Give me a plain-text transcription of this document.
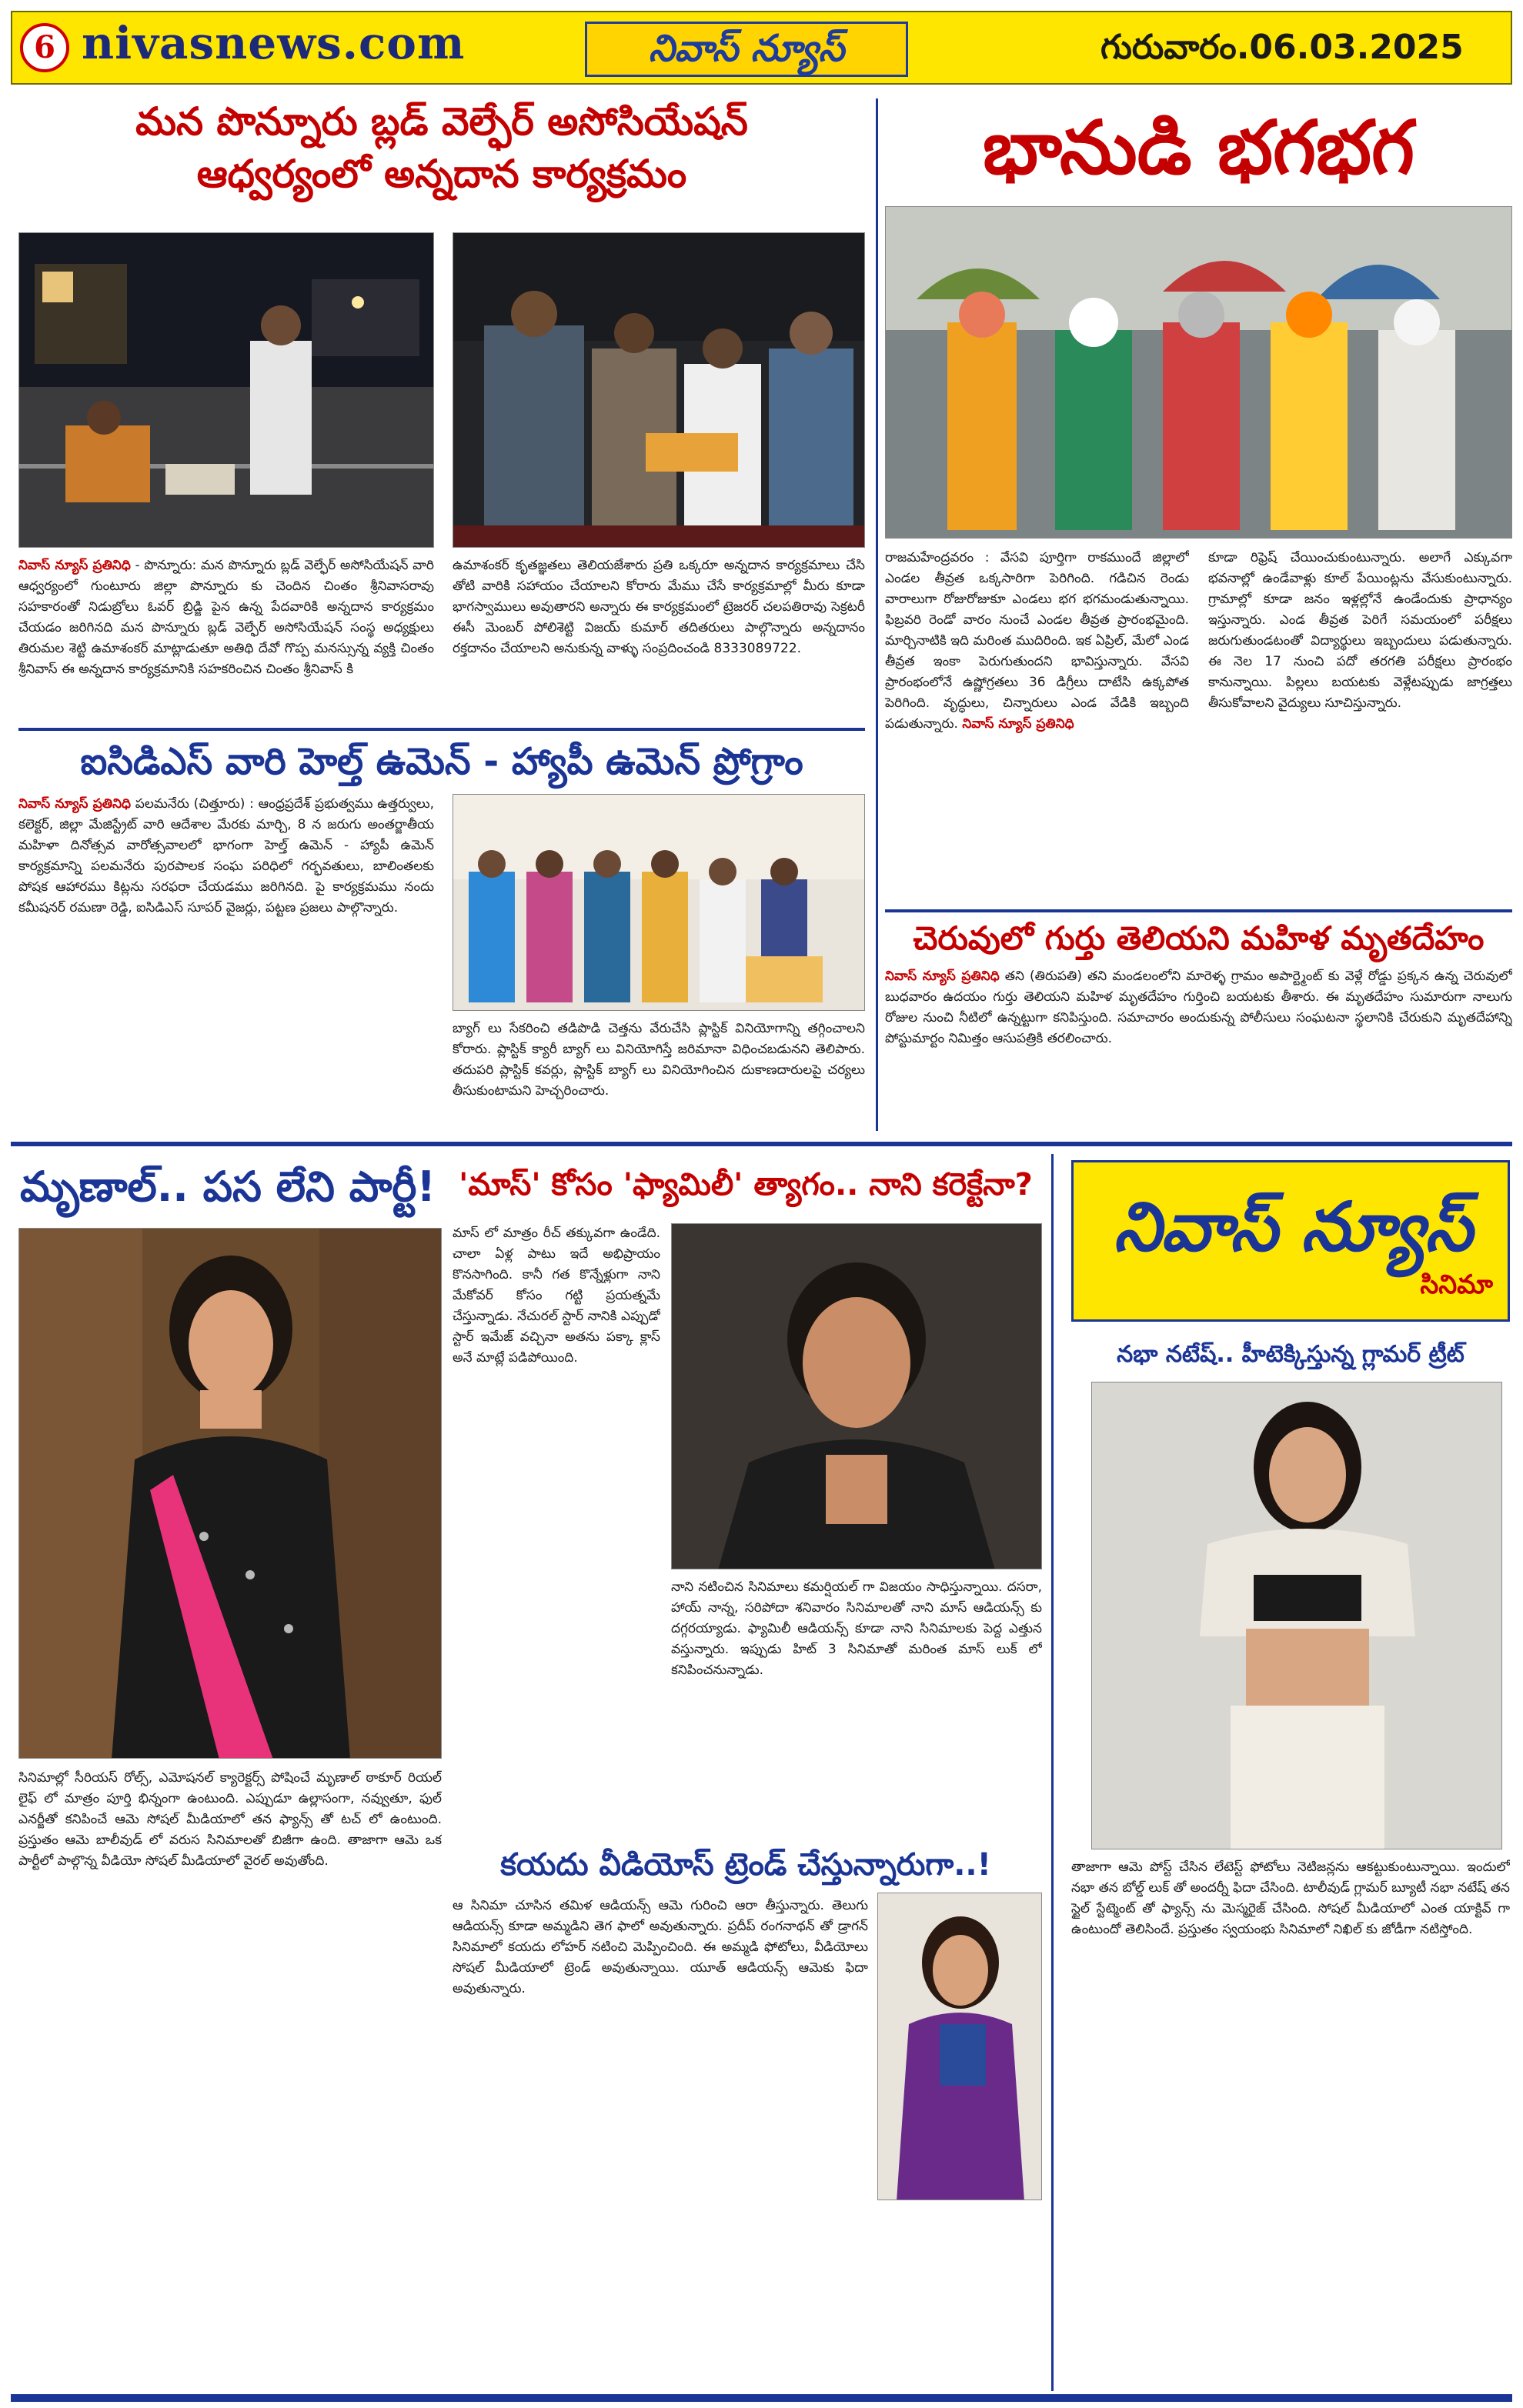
6 nivasnews.com	నివాస్ న్యూస్	గురువారం.06.03.2025
మన పొన్నూరు బ్లడ్ వెల్ఫేర్ అసోసియేషన్
ఆధ్వర్యంలో అన్నదాన కార్యక్రమం
నివాస్ న్యూస్ ప్రతినిధి - పొన్నూరు: మన పొన్నూరు బ్లడ్ వెల్ఫేర్ అసోసియేషన్ వారి ఆధ్వర్యంలో గుంటూరు జిల్లా పొన్నూరు కు చెందిన చింతం శ్రీనివాసరావు సహకారంతో నిడుబ్రోలు ఓవర్ బ్రిడ్జి పైన ఉన్న పేదవారికి అన్నదాన కార్యక్రమం చేయడం జరిగినది మన పొన్నూరు బ్లడ్ వెల్ఫేర్ అసోసియేషన్ సంస్థ అధ్యక్షులు తిరుమల శెట్టి ఉమాశంకర్ మాట్లాడుతూ అతిథి దేవో గొప్ప మనస్సున్న వ్యక్తి చింతం శ్రీనివాస్ ఈ అన్నదాన కార్యక్రమానికి సహకరించిన చింతం శ్రీనివాస్ కి
ఉమాశంకర్ కృతజ్ఞతలు తెలియజేశారు ప్రతి ఒక్కరూ అన్నదాన కార్యక్రమాలు చేసి తోటి వారికి సహాయం చేయాలని కోరారు మేము చేసే కార్యక్రమాల్లో మీరు కూడా భాగస్వాములు అవుతారని అన్నారు ఈ కార్యక్రమంలో ట్రెజరర్ చలపతిరావు సెక్రటరీ ఈసీ మెంబర్ పోలిశెట్టి విజయ్ కుమార్ తదితరులు పాల్గొన్నారు అన్నదానం రక్తదానం చేయాలని అనుకున్న వాళ్ళు సంప్రదించండి 8333089722.
భానుడి భగభగ
రాజమహేంద్రవరం : వేసవి పూర్తిగా రాకముందే జిల్లాలో ఎండల తీవ్రత ఒక్కసారిగా పెరిగింది. గడిచిన రెండు వారాలుగా రోజురోజుకూ ఎండలు భగ భగమండుతున్నాయి. ఫిబ్రవరి రెండో వారం నుంచే ఎండల తీవ్రత ప్రారంభమైంది. మార్చినాటికి ఇది మరింత ముదిరింది. ఇక ఏప్రిల్, మేలో ఎండ తీవ్రత ఇంకా పెరుగుతుందని భావిస్తున్నారు. వేసవి ప్రారంభంలోనే ఉష్ణోగ్రతలు 36 డిగ్రీలు దాటేసి ఉక్కపోత పెరిగింది. వృద్ధులు, చిన్నారులు ఎండ వేడికి ఇబ్బంది పడుతున్నారు. నివాస్ న్యూస్ ప్రతినిధి
కూడా రిఫ్రెష్ చేయించుకుంటున్నారు. అలాగే ఎక్కువగా భవనాల్లో ఉండేవాళ్లు కూల్ పేయింట్లను వేసుకుంటున్నారు. గ్రామాల్లో కూడా జనం ఇళ్లల్లోనే ఉండేందుకు ప్రాధాన్యం ఇస్తున్నారు. ఎండ తీవ్రత పెరిగే సమయంలో పరీక్షలు జరుగుతుండటంతో విద్యార్థులు ఇబ్బందులు పడుతున్నారు. ఈ నెల 17 నుంచి పదో తరగతి పరీక్షలు ప్రారంభం కానున్నాయి. పిల్లలు బయటకు వెళ్లేటప్పుడు జాగ్రత్తలు తీసుకోవాలని వైద్యులు సూచిస్తున్నారు.
ఐసిడిఎస్ వారి హెల్త్ ఉమెన్ - హ్యాపీ ఉమెన్ ప్రోగ్రాం
నివాస్ న్యూస్ ప్రతినిధి పలమనేరు (చిత్తూరు) : ఆంధ్రప్రదేశ్ ప్రభుత్వము ఉత్తర్వులు, కలెక్టర్, జిల్లా మేజిస్ట్రేట్ వారి ఆదేశాల మేరకు మార్చి, 8 న జరుగు అంతర్జాతీయ మహిళా దినోత్సవ వారోత్సవాలలో భాగంగా హెల్త్ ఉమెన్ - హ్యాపీ ఉమెన్ కార్యక్రమాన్ని పలమనేరు పురపాలక సంఘ పరిధిలో గర్భవతులు, బాలింతలకు పోషక ఆహారము కిట్లను సరఫరా చేయడము జరిగినది. పై కార్యక్రమము నందు కమీషనర్ రమణా రెడ్డి, ఐసిడిఎస్ సూపర్ వైజర్లు, పట్టణ ప్రజలు పాల్గొన్నారు.
బ్యాగ్ లు సేకరించి తడిపొడి చెత్తను వేరుచేసి ప్లాస్టిక్ వినియోగాన్ని తగ్గించాలని కోరారు. ప్లాస్టిక్ క్యారీ బ్యాగ్ లు వినియోగిస్తే జరిమానా విధించబడునని తెలిపారు. తదుపరి ప్లాస్టిక్ కవర్లు, ప్లాస్టిక్ బ్యాగ్ లు వినియోగించిన దుకాణదారులపై చర్యలు తీసుకుంటామని హెచ్చరించారు.
చెరువులో గుర్తు తెలియని మహిళ మృతదేహం
నివాస్ న్యూస్ ప్రతినిధి తని (తిరుపతి) తని మండలంలోని మారెళ్ళ గ్రామం అపార్ట్మెంట్ కు వెళ్లే రోడ్డు ప్రక్కన ఉన్న చెరువులో బుధవారం ఉదయం గుర్తు తెలియని మహిళ మృతదేహం గుర్తించి బయటకు తీశారు. ఈ మృతదేహం సుమారుగా నాలుగు రోజుల నుంచి నీటిలో ఉన్నట్టుగా కనిపిస్తుంది. సమాచారం అందుకున్న పోలీసులు సంఘటనా స్థలానికి చేరుకుని మృతదేహాన్ని పోస్టుమార్టం నిమిత్తం ఆసుపత్రికి తరలించారు.
మృణాల్.. పస లేని పార్టీ!
సినిమాల్లో సీరియస్ రోల్స్, ఎమోషనల్ క్యారెక్టర్స్ పోషించే మృణాల్ ఠాకూర్ రియల్ లైఫ్ లో మాత్రం పూర్తి భిన్నంగా ఉంటుంది. ఎప్పుడూ ఉల్లాసంగా, నవ్వుతూ, ఫుల్ ఎనర్జీతో కనిపించే ఆమె సోషల్ మీడియాలో తన ఫ్యాన్స్ తో టచ్ లో ఉంటుంది. ప్రస్తుతం ఆమె బాలీవుడ్ లో వరుస సినిమాలతో బిజీగా ఉంది. తాజాగా ఆమె ఒక పార్టీలో పాల్గొన్న వీడియో సోషల్ మీడియాలో వైరల్ అవుతోంది.
'మాస్' కోసం 'ఫ్యామిలీ' త్యాగం.. నాని కరెక్టేనా?
మాస్ లో మాత్రం రీచ్ తక్కువగా ఉండేది. చాలా ఏళ్ల పాటు ఇదే అభిప్రాయం కొనసాగింది. కానీ గత కొన్నేళ్లుగా నాని మేకోవర్ కోసం గట్టి ప్రయత్నమే చేస్తున్నాడు. నేచురల్ స్టార్ నానికి ఎప్పుడో స్టార్ ఇమేజ్ వచ్చినా అతను పక్కా క్లాస్ అనే మాట్లే పడిపోయింది.
నాని నటించిన సినిమాలు కమర్షియల్ గా విజయం సాధిస్తున్నాయి. దసరా, హాయ్ నాన్న, సరిపోదా శనివారం సినిమాలతో నాని మాస్ ఆడియన్స్ కు దగ్గరయ్యాడు. ఫ్యామిలీ ఆడియన్స్ కూడా నాని సినిమాలకు పెద్ద ఎత్తున వస్తున్నారు. ఇప్పుడు హిట్ 3 సినిమాతో మరింత మాస్ లుక్ లో కనిపించనున్నాడు.
కయదు వీడియోస్ ట్రెండ్ చేస్తున్నారుగా..!
ఆ సినిమా చూసిన తమిళ ఆడియన్స్ ఆమె గురించి ఆరా తీస్తున్నారు. తెలుగు ఆడియన్స్ కూడా అమ్మడిని తెగ ఫాలో అవుతున్నారు. ప్రదీప్ రంగనాథన్ తో డ్రాగన్ సినిమాలో కయదు లోహర్ నటించి మెప్పించింది. ఈ అమ్మడి ఫోటోలు, వీడియోలు సోషల్ మీడియాలో ట్రెండ్ అవుతున్నాయి. యూత్ ఆడియన్స్ ఆమెకు ఫిదా అవుతున్నారు.
నివాస్ న్యూస్
సినిమా
నభా నటేష్.. హీటెక్కిస్తున్న గ్లామర్ ట్రీట్
తాజాగా ఆమె పోస్ట్ చేసిన లేటెస్ట్ ఫోటోలు నెటిజన్లను ఆకట్టుకుంటున్నాయి. ఇందులో నభా తన బోల్డ్ లుక్ తో అందర్నీ ఫిదా చేసింది. టాలీవుడ్ గ్లామర్ బ్యూటీ నభా నటేష్ తన స్టైల్ స్టేట్మెంట్ తో ఫ్యాన్స్ ను మెస్మరైజ్ చేసింది. సోషల్ మీడియాలో ఎంత యాక్టివ్ గా ఉంటుందో తెలిసిందే. ప్రస్తుతం స్వయంభు సినిమాలో నిఖిల్ కు జోడీగా నటిస్తోంది.
